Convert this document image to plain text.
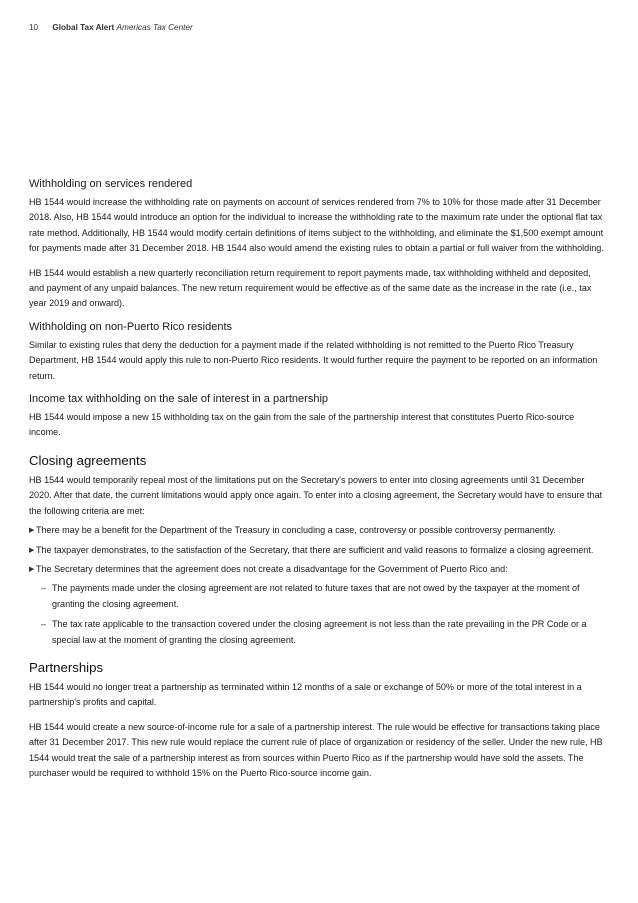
10 Global Tax Alert Americas Tax Center
Withholding on services rendered

HB 1544 would increase the withholding rate on payments on account of services rendered from 7% to 10% for those made after 31 December 2018. Also, HB 1544 would introduce an option for the individual to increase the withholding rate to the maximum rate under the optional flat tax rate method. Additionally, HB 1544 would modify certain definitions of items subject to the withholding, and eliminate the $1,500 exempt amount for payments made after 31 December 2018. HB 1544 also would amend the existing rules to obtain a partial or full waiver from the withholding.

HB 1544 would establish a new quarterly reconciliation return requirement to report payments made, tax withholding withheld and deposited, and payment of any unpaid balances. The new return requirement would be effective as of the same date as the increase in the rate (i.e., tax year 2019 and onward).

Withholding on non-Puerto Rico residents

Similar to existing rules that deny the deduction for a payment made if the related withholding is not remitted to the Puerto Rico Treasury Department, HB 1544 would apply this rule to non-Puerto Rico residents. It would further require the payment to be reported on an information return.

Income tax withholding on the sale of interest in a partnership

HB 1544 would impose a new 15 withholding tax on the gain from the sale of the partnership interest that constitutes Puerto Rico-source income.

Closing agreements

HB 1544 would temporarily repeal most of the limitations put on the Secretary's powers to enter into closing agreements until 31 December 2020. After that date, the current limitations would apply once again. To enter into a closing agreement, the Secretary would have to ensure that the following criteria are met:

▶ There may be a benefit for the Department of the Treasury in concluding a case, controversy or possible controversy permanently.
▶ The taxpayer demonstrates, to the satisfaction of the Secretary, that there are sufficient and valid reasons to formalize a closing agreement.
▶ The Secretary determines that the agreement does not create a disadvantage for the Government of Puerto Rico and:
– The payments made under the closing agreement are not related to future taxes that are not owed by the taxpayer at the moment of granting the closing agreement.
– The tax rate applicable to the transaction covered under the closing agreement is not less than the rate prevailing in the PR Code or a special law at the moment of granting the closing agreement.
Partnerships

HB 1544 would no longer treat a partnership as terminated within 12 months of a sale or exchange of 50% or more of the total interest in a partnership's profits and capital.

HB 1544 would create a new source-of-income rule for a sale of a partnership interest. The rule would be effective for transactions taking place after 31 December 2017. This new rule would replace the current rule of place of organization or residency of the seller. Under the new rule, HB 1544 would treat the sale of a partnership interest as from sources within Puerto Rico as if the partnership would have sold the assets. The purchaser would be required to withhold 15% on the Puerto Rico-source income gain.
